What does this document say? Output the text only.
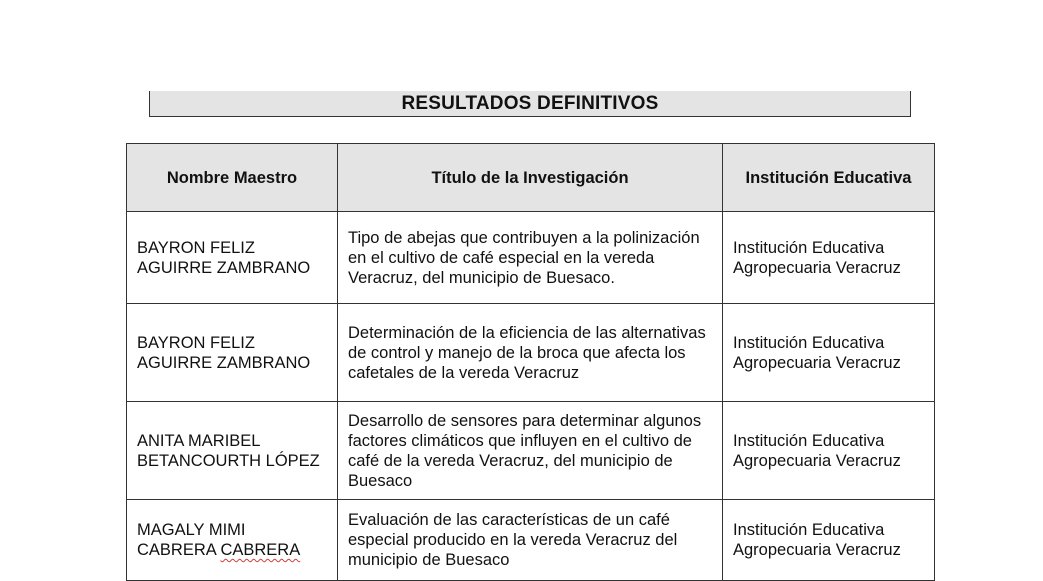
RESULTADOS DEFINITIVOS
Nombre Maestro	Título de la Investigación	Institución Educativa
BAYRON FELIZ AGUIRRE ZAMBRANO	Tipo de abejas que contribuyen a la polinización en el cultivo de café especial en la vereda Veracruz, del municipio de Buesaco.	Institución Educativa Agropecuaria Veracruz
BAYRON FELIZ AGUIRRE ZAMBRANO	Determinación de la eficiencia de las alternativas de control y manejo de la broca que afecta los cafetales de la vereda Veracruz	Institución Educativa Agropecuaria Veracruz
ANITA MARIBEL BETANCOURTH LÓPEZ	Desarrollo de sensores para determinar algunos factores climáticos que influyen en el cultivo de café de la vereda Veracruz, del municipio de Buesaco	Institución Educativa Agropecuaria Veracruz
MAGALY MIMI CABRERA CABRERA	Evaluación de las características de un café especial producido en la vereda Veracruz del municipio de Buesaco	Institución Educativa Agropecuaria Veracruz
